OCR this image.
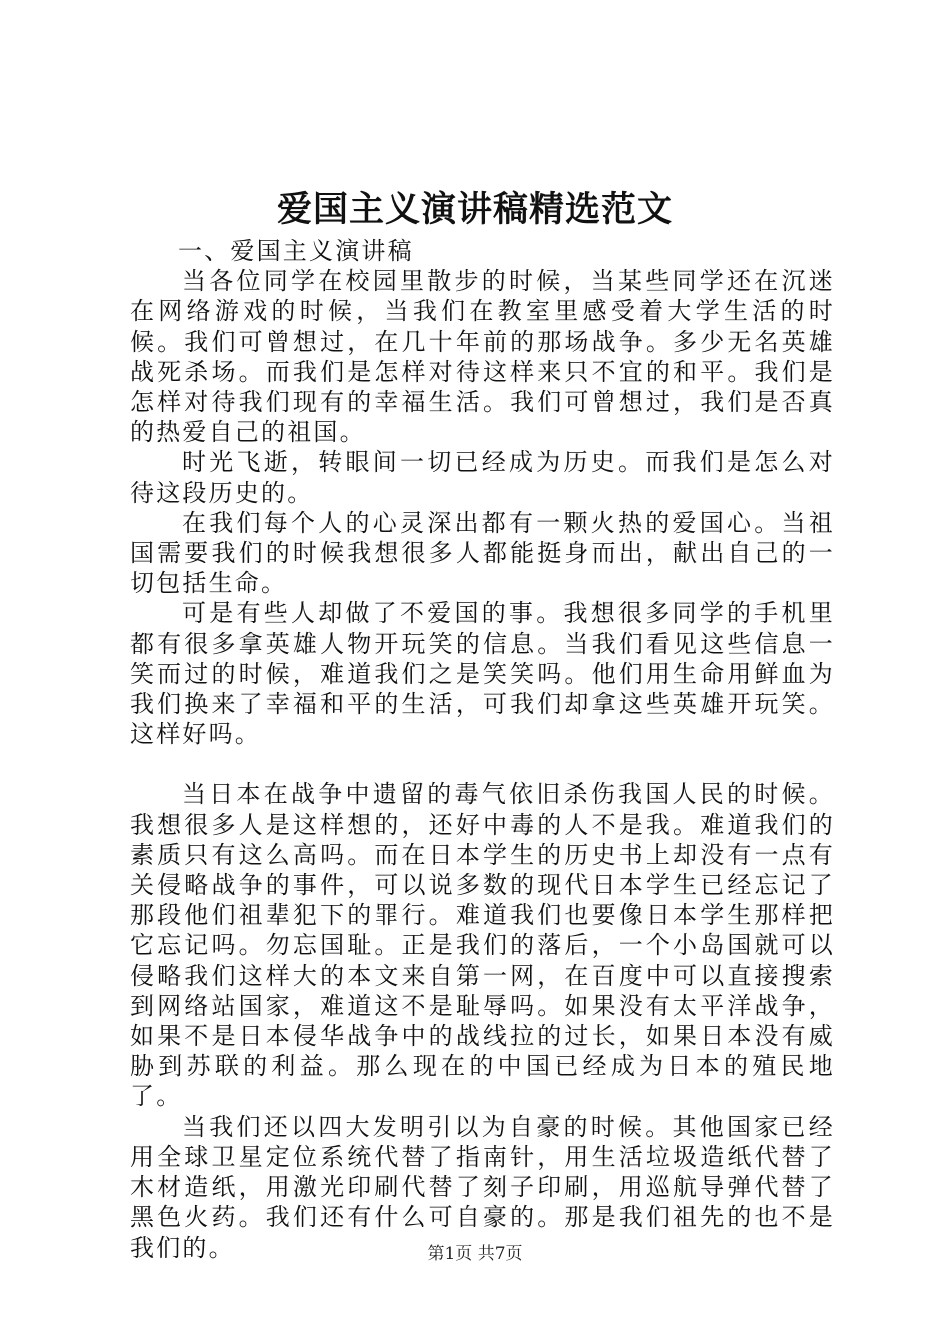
爱国主义演讲稿精选范文

一、爱国主义演讲稿

当各位同学在校园里散步的时候，当某些同学还在沉迷在网络游戏的时候，当我们在教室里感受着大学生活的时候。我们可曾想过，在几十年前的那场战争。多少无名英雄战死杀场。而我们是怎样对待这样来只不宜的和平。我们是怎样对待我们现有的幸福生活。我们可曾想过，我们是否真的热爱自己的祖国。

时光飞逝，转眼间一切已经成为历史。而我们是怎么对待这段历史的。

在我们每个人的心灵深出都有一颗火热的爱国心。当祖国需要我们的时候我想很多人都能挺身而出，献出自己的一切包括生命。

可是有些人却做了不爱国的事。我想很多同学的手机里都有很多拿英雄人物开玩笑的信息。当我们看见这些信息一笑而过的时候，难道我们之是笑笑吗。他们用生命用鲜血为我们换来了幸福和平的生活，可我们却拿这些英雄开玩笑。这样好吗。

当日本在战争中遗留的毒气依旧杀伤我国人民的时候。我想很多人是这样想的，还好中毒的人不是我。难道我们的素质只有这么高吗。而在日本学生的历史书上却没有一点有关侵略战争的事件，可以说多数的现代日本学生已经忘记了那段他们祖辈犯下的罪行。难道我们也要像日本学生那样把它忘记吗。勿忘国耻。正是我们的落后，一个小岛国就可以侵略我们这样大的本文来自第一网，在百度中可以直接搜索到网络站国家，难道这不是耻辱吗。如果没有太平洋战争，如果不是日本侵华战争中的战线拉的过长，如果日本没有威胁到苏联的利益。那么现在的中国已经成为日本的殖民地了。

当我们还以四大发明引以为自豪的时候。其他国家已经用全球卫星定位系统代替了指南针，用生活垃圾造纸代替了木材造纸，用激光印刷代替了刻子印刷，用巡航导弹代替了黑色火药。我们还有什么可自豪的。那是我们祖先的也不是我们的。	第1页 共7页
